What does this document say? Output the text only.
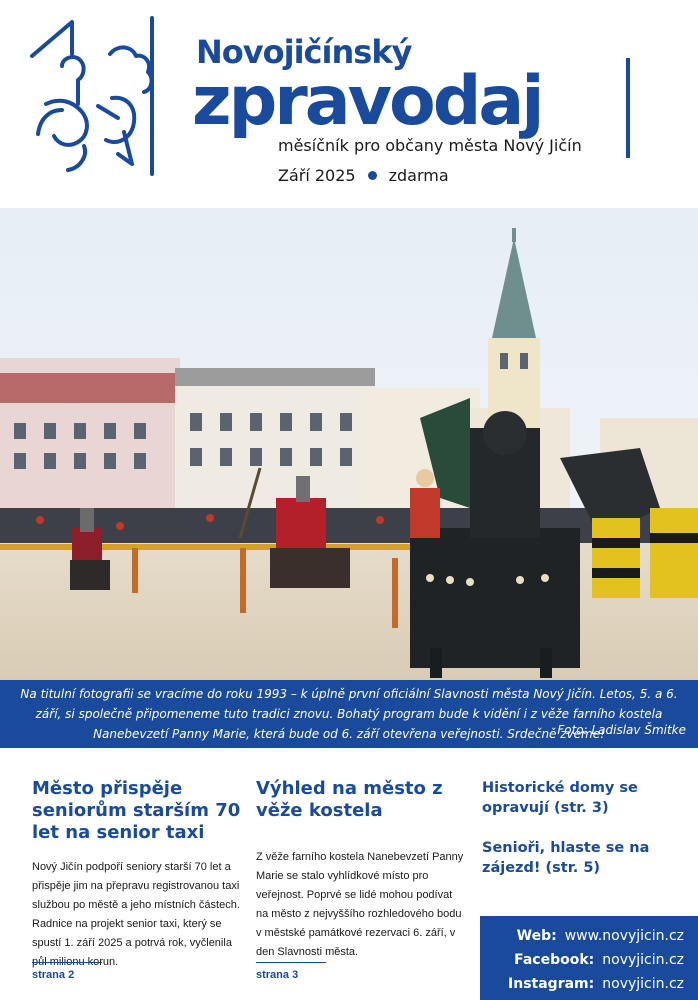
Novojičínský
zpravodaj
měsíčník pro občany města Nový Jičín
Září 2025 zdarma
Na titulní fotografii se vracíme do roku 1993 – k úplně první oficiální Slavnosti města Nový Jičín. Letos, 5. a 6. září, si společně připomeneme tuto tradici znovu. Bohatý program bude k vidění i z věže farního kostela Nanebevzetí Panny Marie, která bude od 6. září otevřena veřejnosti. Srdečně zveme!
Foto: Ladislav Šmitke
Město přispěje seniorům starším 70 let na senior taxi

Nový Jičín podpoří seniory starší 70 let a přispěje jim na přepravu registrovanou taxi službou po městě a jeho místních částech. Radnice na projekt senior taxi, který se spustí 1. září 2025 a potrvá rok, vyčlenila půl milionu korun.

strana 2
Výhled na město z věže kostela

Z věže farního kostela Nanebevzetí Panny Marie se stalo vyhlídkové místo pro veřejnost. Poprvé se lidé mohou podívat na město z nejvyššího rozhledového bodu v městské památkové rezervaci 6. září, v den Slavnosti města.

strana 3
Historické domy se opravují (str. 3)
Senioři, hlaste se na zájezd! (str. 5)
Web: www.novyjicin.cz
Facebook: novyjicin.cz
Instagram: novyjicin.cz
